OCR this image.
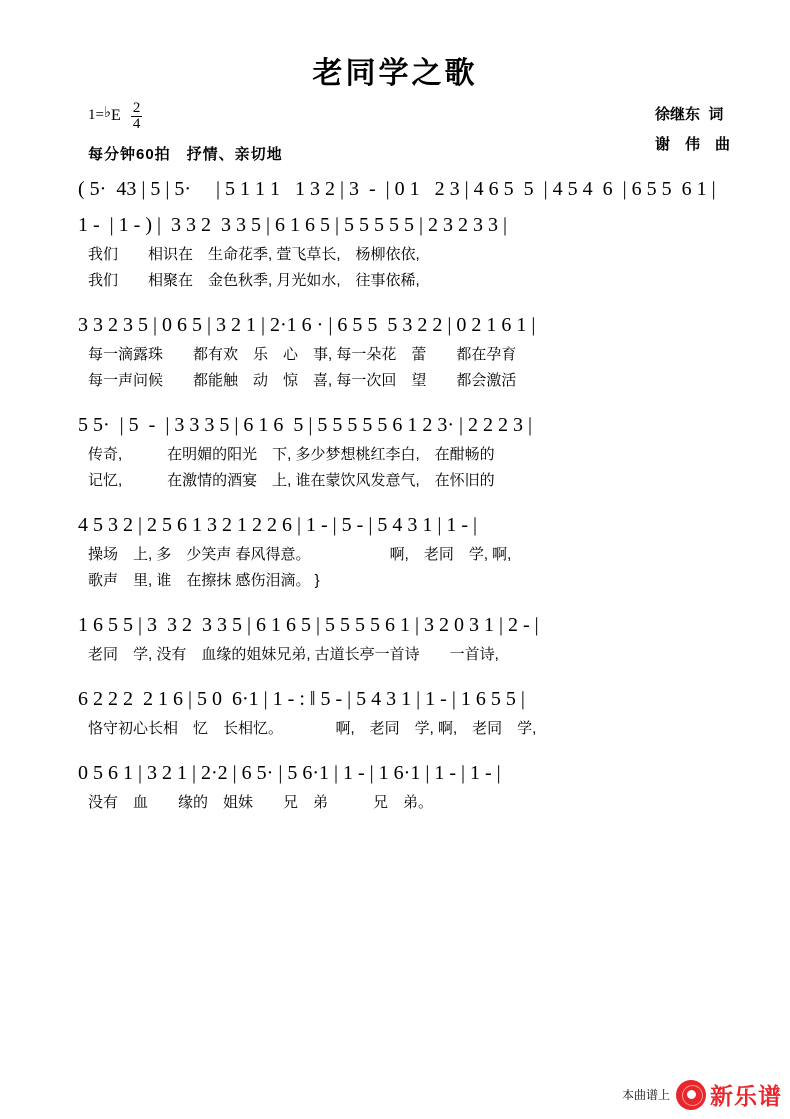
老同学之歌
1= ♭ E $\frac{2}{4}$	徐继东  词
谢　伟　曲
每分钟60拍　抒情、亲切地
( 5·  43 | 5 | 5·     | 5 1 1 1   1 3 2 | 3  -  | 0 1   2 3 | 4 6 5  5  | 4 5 4  6  | 6 5 5  6 1 |
1 -  | 1 - ) |  3 3 2  3 3 5 | 6 1 6 5 | 5 5 5 5 5 | 2 3 2 3 3 |
我们　　相识在　生命花季, 萱飞草长,　杨柳依依,
我们　　相聚在　金色秋季, 月光如水,　往事依稀,
3 3 2 3 5 | 0 6 5 | 3 2 1 | 2·1 6 · | 6 5 5  5 3 2 2 | 0 2 1 6 1 |
每一滴露珠　　都有欢　乐　心　事, 每一朵花　蕾　　都在孕育
每一声问候　　都能触　动　惊　喜, 每一次回　望　　都会激活
5 5·  | 5  -  | 3 3 3 5 | 6 1 6  5 | 5 5 5 5 5 6 1 2 3· | 2 2 2 3 |
传奇,　　　在明媚的阳光　下, 多少梦想桃红李白,　在酣畅的
记忆,　　　在激情的酒宴　上, 谁在蒙饮风发意气,　在怀旧的
4 5 3 2 | 2 5 6 1 3 2 1 2 2 6 | 1 - | 5 - | 5 4 3 1 | 1 - |
操场　上, 多　少笑声 春风得意。 　　　　　啊,　老同　学, 啊,
歌声　里, 谁　在擦抹 感伤泪滴。 }
1 6 5 5 | 3  3 2  3 3 5 | 6 1 6 5 | 5 5 5 5 6 1 | 3 2 0 3 1 | 2 - |
老同　学, 没有　血缘的姐妹兄弟, 古道长亭一首诗　　一首诗,
6 2 2 2  2 1 6 | 5 0  6·1 | 1 - : ‖ 5 - | 5 4 3 1 | 1 - | 1 6 5 5 |
恪守初心长相　忆　长相忆。　　　　啊,　老同　学, 啊,　老同　学,
0 5 6 1 | 3 2 1 | 2·2 | 6 5· | 5 6·1 | 1 - | 1 6·1 | 1 - | 1 - |
没有　血　　缘的　姐妹　　兄　弟　　　兄　弟。
本曲谱上 新乐谱
